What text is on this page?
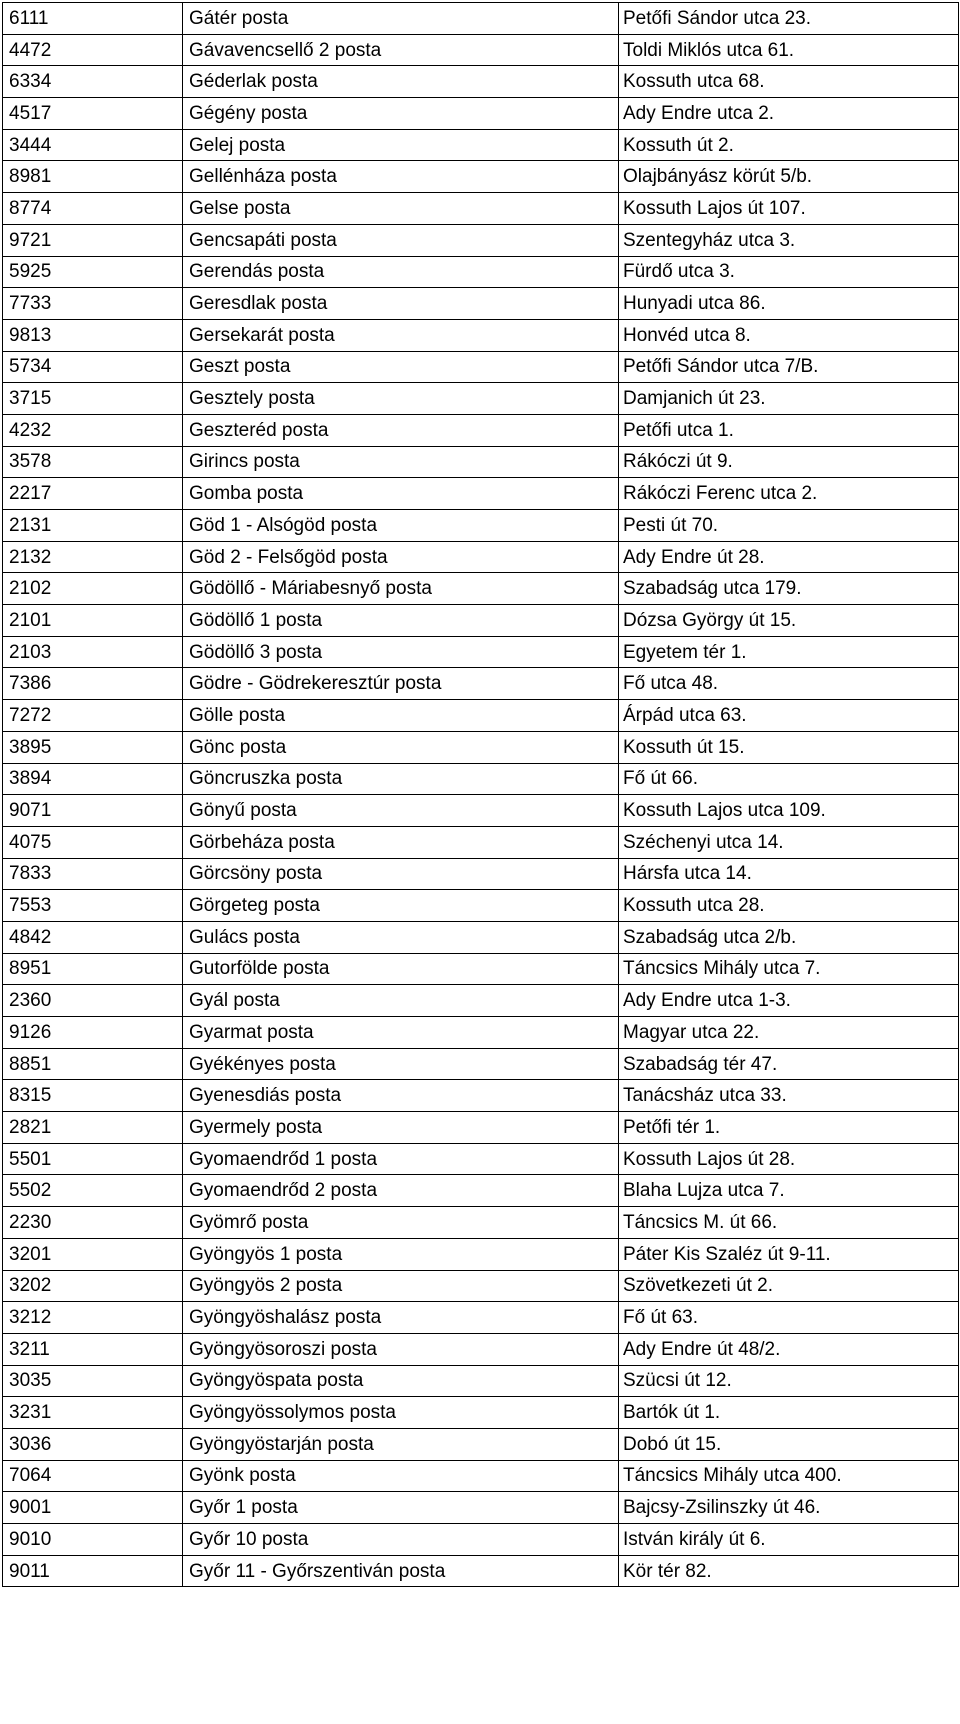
6111	Gátér posta	Petőfi Sándor utca 23.
4472	Gávavencsellő 2 posta	Toldi Miklós utca 61.
6334	Géderlak posta	Kossuth utca 68.
4517	Gégény posta	Ady Endre utca 2.
3444	Gelej posta	Kossuth út 2.
8981	Gellénháza posta	Olajbányász körút 5/b.
8774	Gelse posta	Kossuth Lajos út 107.
9721	Gencsapáti posta	Szentegyház utca 3.
5925	Gerendás posta	Fürdő utca 3.
7733	Geresdlak posta	Hunyadi utca 86.
9813	Gersekarát posta	Honvéd utca 8.
5734	Geszt posta	Petőfi Sándor utca 7/B.
3715	Gesztely posta	Damjanich út 23.
4232	Geszteréd posta	Petőfi utca 1.
3578	Girincs posta	Rákóczi út 9.
2217	Gomba posta	Rákóczi Ferenc utca 2.
2131	Göd 1 - Alsógöd posta	Pesti út 70.
2132	Göd 2 - Felsőgöd posta	Ady Endre út 28.
2102	Gödöllő - Máriabesnyő posta	Szabadság utca 179.
2101	Gödöllő 1 posta	Dózsa György út 15.
2103	Gödöllő 3 posta	Egyetem tér 1.
7386	Gödre - Gödrekeresztúr posta	Fő utca 48.
7272	Gölle posta	Árpád utca 63.
3895	Gönc posta	Kossuth út 15.
3894	Göncruszka posta	Fő út 66.
9071	Gönyű posta	Kossuth Lajos utca 109.
4075	Görbeháza posta	Széchenyi utca 14.
7833	Görcsöny posta	Hársfa utca 14.
7553	Görgeteg posta	Kossuth utca 28.
4842	Gulács posta	Szabadság utca 2/b.
8951	Gutorfölde posta	Táncsics Mihály utca 7.
2360	Gyál posta	Ady Endre utca 1-3.
9126	Gyarmat posta	Magyar utca 22.
8851	Gyékényes posta	Szabadság tér 47.
8315	Gyenesdiás posta	Tanácsház utca 33.
2821	Gyermely posta	Petőfi tér 1.
5501	Gyomaendrőd 1 posta	Kossuth Lajos út 28.
5502	Gyomaendrőd 2 posta	Blaha Lujza utca 7.
2230	Gyömrő posta	Táncsics M. út 66.
3201	Gyöngyös 1 posta	Páter Kis Szaléz út 9-11.
3202	Gyöngyös 2 posta	Szövetkezeti út 2.
3212	Gyöngyöshalász posta	Fő út 63.
3211	Gyöngyösoroszi posta	Ady Endre út 48/2.
3035	Gyöngyöspata posta	Szücsi út 12.
3231	Gyöngyössolymos posta	Bartók út 1.
3036	Gyöngyöstarján posta	Dobó út 15.
7064	Gyönk posta	Táncsics Mihály utca 400.
9001	Győr 1 posta	Bajcsy-Zsilinszky út 46.
9010	Győr 10 posta	István király út 6.
9011	Győr 11 - Győrszentiván posta	Kör tér 82.
